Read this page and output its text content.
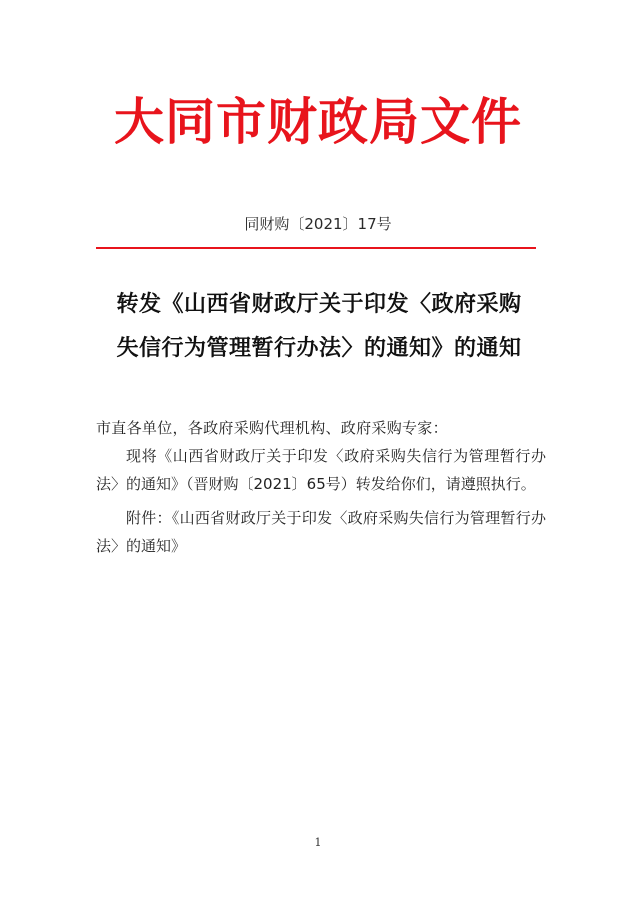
大同市财政局文件
同财购〔2021〕17号
转发《山西省财政厅关于印发〈政府采购
失信行为管理暂行办法〉的通知》的通知

市直各单位，各政府采购代理机构、政府采购专家：

现将《山西省财政厅关于印发〈政府采购失信行为管理暂行办法〉的通知》（晋财购〔2021〕65号）转发给你们，请遵照执行。

附件：《山西省财政厅关于印发〈政府采购失信行为管理暂行办法〉的通知》

1
